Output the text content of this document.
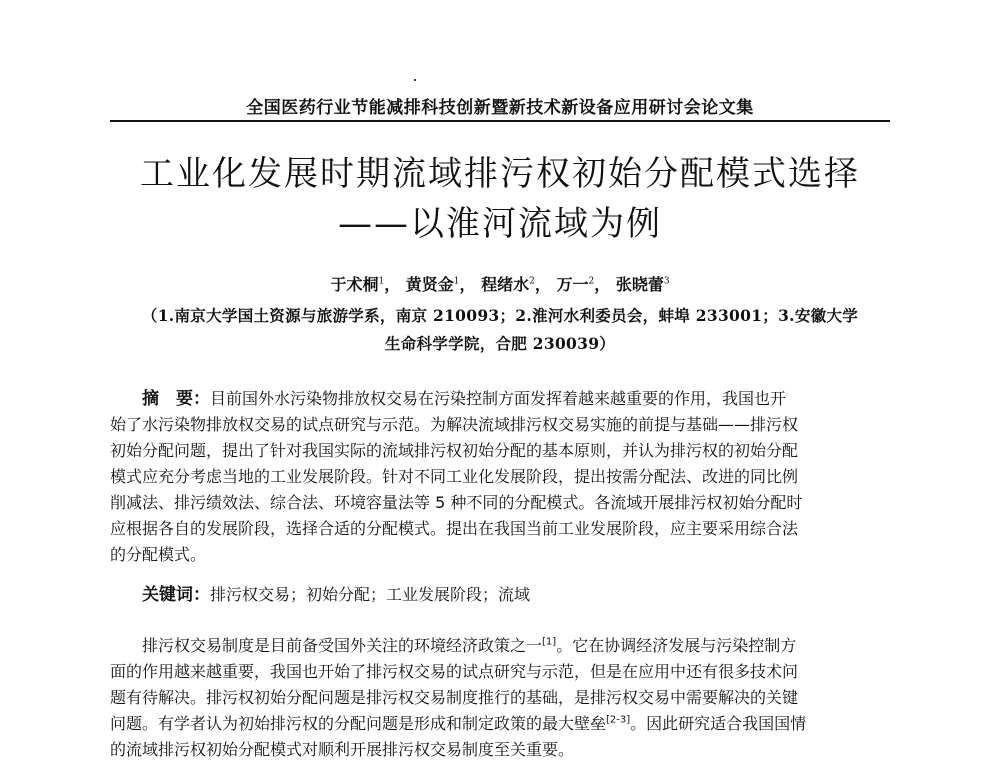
全国医药行业节能减排科技创新暨新技术新设备应用研讨会论文集
工业化发展时期流域排污权初始分配模式选择
——以淮河流域为例
于术桐$^1$， 黄贤金$^1$， 程绪水$^2$， 万一$^2$， 张晓蕾$^3$
（1.南京大学国土资源与旅游学系，南京 210093；2.淮河水利委员会，蚌埠 233001；3.安徽大学
生命科学学院，合肥 230039）
　　摘　要：目前国外水污染物排放权交易在污染控制方面发挥着越来越重要的作用，我国也开
始了水污染物排放权交易的试点研究与示范。为解决流域排污权交易实施的前提与基础——排污权
初始分配问题，提出了针对我国实际的流域排污权初始分配的基本原则，并认为排污权的初始分配
模式应充分考虑当地的工业发展阶段。针对不同工业化发展阶段，提出按需分配法、改进的同比例
削减法、排污绩效法、综合法、环境容量法等 5 种不同的分配模式。各流域开展排污权初始分配时
应根据各自的发展阶段，选择合适的分配模式。提出在我国当前工业发展阶段，应主要采用综合法
的分配模式。
　　关键词：排污权交易；初始分配；工业发展阶段；流域
　　排污权交易制度是目前备受国外关注的环境经济政策之一[1]。它在协调经济发展与污染控制方
面的作用越来越重要，我国也开始了排污权交易的试点研究与示范，但是在应用中还有很多技术问
题有待解决。排污权初始分配问题是排污权交易制度推行的基础，是排污权交易中需要解决的关键
问题。有学者认为初始排污权的分配问题是形成和制定政策的最大壁垒[2-3]。因此研究适合我国国情
的流域排污权初始分配模式对顺利开展排污权交易制度至关重要。
